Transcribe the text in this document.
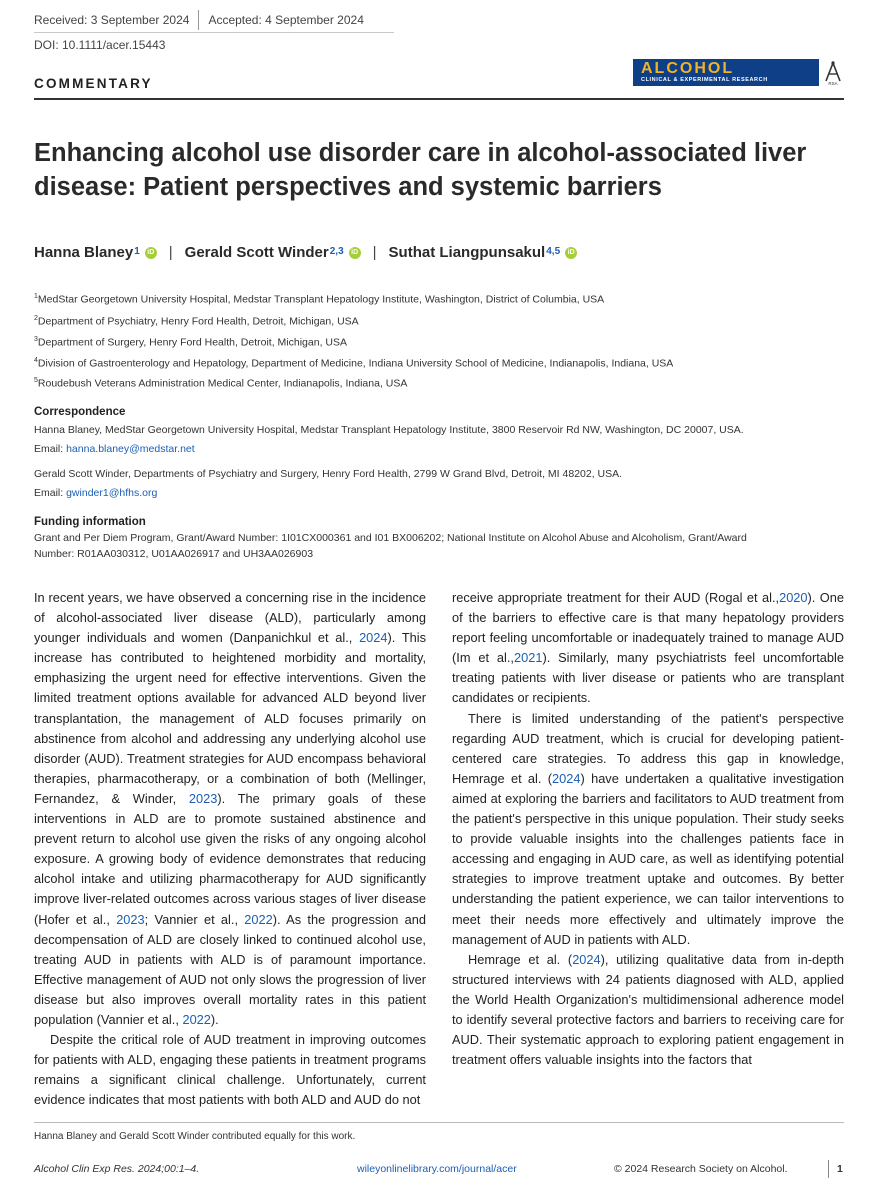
Received: 3 September 2024 Accepted: 4 September 2024
DOI: 10.1111/acer.15443
COMMENTARY
ALCOHOL
CLINICAL & EXPERIMENTAL RESEARCH
RSA
Enhancing alcohol use disorder care in alcohol-associated liver disease: Patient perspectives and systemic barriers
Hanna Blaney$^1$	iD | Gerald Scott Winder$^{2,3}$	iD | Suthat Liangpunsakul$^{4,5}$	iD
$^1$MedStar Georgetown University Hospital, Medstar Transplant Hepatology Institute, Washington, District of Columbia, USA
$^2$Department of Psychiatry, Henry Ford Health, Detroit, Michigan, USA
$^3$Department of Surgery, Henry Ford Health, Detroit, Michigan, USA
$^4$Division of Gastroenterology and Hepatology, Department of Medicine, Indiana University School of Medicine, Indianapolis, Indiana, USA
$^5$Roudebush Veterans Administration Medical Center, Indianapolis, Indiana, USA
Correspondence
Hanna Blaney, MedStar Georgetown University Hospital, Medstar Transplant Hepatology Institute, 3800 Reservoir Rd NW, Washington, DC 20007, USA.
Email: hanna.blaney@medstar.net
Gerald Scott Winder, Departments of Psychiatry and Surgery, Henry Ford Health, 2799 W Grand Blvd, Detroit, MI 48202, USA.
Email: gwinder1@hfhs.org
Funding information
Grant and Per Diem Program, Grant/Award Number: 1I01CX000361 and I01 BX006202; National Institute on Alcohol Abuse and Alcoholism, Grant/Award
Number: R01AA030312, U01AA026917 and UH3AA026903

In recent years, we have observed a concerning rise in the incidence of alcohol-associated liver disease (ALD), particularly among younger individuals and women (Danpanichkul et al., 2024). This increase has contributed to heightened morbidity and mortality, emphasizing the urgent need for effective interventions. Given the limited treatment options available for advanced ALD beyond liver transplantation, the management of ALD focuses primarily on abstinence from alcohol and addressing any underlying alcohol use disorder (AUD). Treatment strategies for AUD encompass behavioral therapies, pharmacotherapy, or a combination of both (Mellinger, Fernandez, & Winder, 2023). The primary goals of these interventions in ALD are to promote sustained abstinence and prevent return to alcohol use given the risks of any ongoing alcohol exposure. A growing body of evidence demonstrates that reducing alcohol intake and utilizing pharmacotherapy for AUD significantly improve liver-related outcomes across various stages of liver disease (Hofer et al., 2023; Vannier et al., 2022). As the progression and decompensation of ALD are closely linked to continued alcohol use, treating AUD in patients with ALD is of paramount importance. Effective management of AUD not only slows the progression of liver disease but also improves overall mortality rates in this patient population (Vannier et al., 2022).

Despite the critical role of AUD treatment in improving outcomes for patients with ALD, engaging these patients in treatment programs remains a significant clinical challenge. Unfortunately, current evidence indicates that most patients with both ALD and AUD do not

receive appropriate treatment for their AUD (Rogal et al.,2020). One of the barriers to effective care is that many hepatology providers report feeling uncomfortable or inadequately trained to manage AUD (Im et al.,2021). Similarly, many psychiatrists feel uncomfortable treating patients with liver disease or patients who are transplant candidates or recipients.

There is limited understanding of the patient's perspective regarding AUD treatment, which is crucial for developing patient-centered care strategies. To address this gap in knowledge, Hemrage et al. (2024) have undertaken a qualitative investigation aimed at exploring the barriers and facilitators to AUD treatment from the patient's perspective in this unique population. Their study seeks to provide valuable insights into the challenges patients face in accessing and engaging in AUD care, as well as identifying potential strategies to improve treatment uptake and outcomes. By better understanding the patient experience, we can tailor interventions to meet their needs more effectively and ultimately improve the management of AUD in patients with ALD.

Hemrage et al. (2024), utilizing qualitative data from in-depth structured interviews with 24 patients diagnosed with ALD, applied the World Health Organization's multidimensional adherence model to identify several protective factors and barriers to receiving care for AUD. Their systematic approach to exploring patient engagement in treatment offers valuable insights into the factors that

Hanna Blaney and Gerald Scott Winder contributed equally for this work.
Alcohol Clin Exp Res. 2024;00:1–4.	wileyonlinelibrary.com/journal/acer	© 2024 Research Society on Alcohol.	1
